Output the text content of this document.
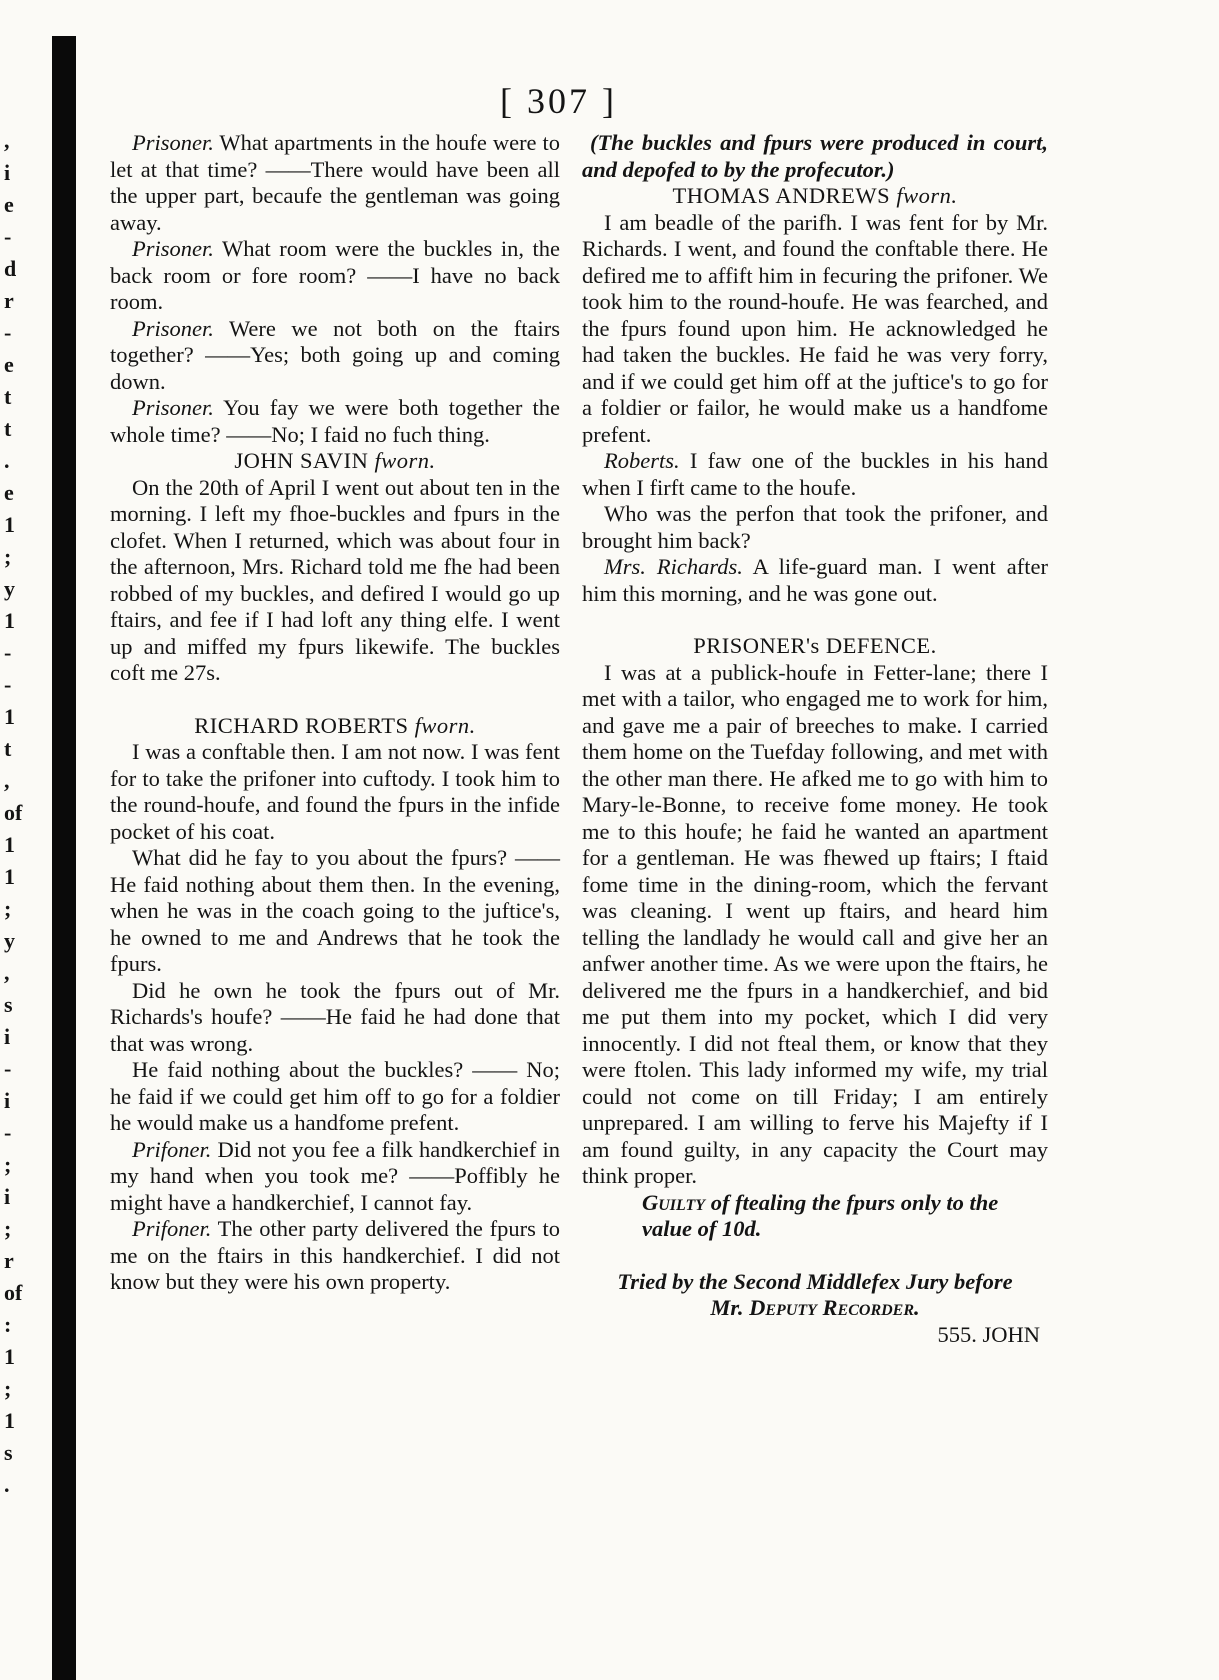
,
i
e
-
d
r
-
e
t
t
.
e
1
;
y
1
-
-
1
t
,
of
1
1
;
y
,
s
i
-
i
-
;
i
;
r
of
:
1
;
1
s
.
[ 307 ]

Prisoner. What apartments in the houfe were to let at that time? ——There would have been all the upper part, becaufe the gentleman was going away.

Prisoner. What room were the buckles in, the back room or fore room? ——I have no back room.

Prisoner. Were we not both on the ftairs together? ——Yes; both going up and coming down.

Prisoner. You fay we were both together the whole time? ——No; I faid no fuch thing.

JOHN SAVIN fworn.

On the 20th of April I went out about ten in the morning. I left my fhoe-buckles and fpurs in the clofet. When I returned, which was about four in the afternoon, Mrs. Richard told me fhe had been robbed of my buckles, and defired I would go up ftairs, and fee if I had loft any thing elfe. I went up and miffed my fpurs likewife. The buckles coft me 27s.

RICHARD ROBERTS fworn.

I was a conftable then. I am not now. I was fent for to take the prifoner into cuftody. I took him to the round-houfe, and found the fpurs in the infide pocket of his coat.

What did he fay to you about the fpurs? ——He faid nothing about them then. In the evening, when he was in the coach going to the juftice's, he owned to me and Andrews that he took the fpurs.

Did he own he took the fpurs out of Mr. Richards's houfe? ——He faid he had done that that was wrong.

He faid nothing about the buckles? —— No; he faid if we could get him off to go for a foldier he would make us a handfome prefent.

Prifoner. Did not you fee a filk handkerchief in my hand when you took me? ——Poffibly he might have a handkerchief, I cannot fay.

Prifoner. The other party delivered the fpurs to me on the ftairs in this handkerchief. I did not know but they were his own property.

(The buckles and fpurs were produced in court, and depofed to by the profecutor.)

THOMAS ANDREWS fworn.

I am beadle of the parifh. I was fent for by Mr. Richards. I went, and found the conftable there. He defired me to affift him in fecuring the prifoner. We took him to the round-houfe. He was fearched, and the fpurs found upon him. He acknowledged he had taken the buckles. He faid he was very forry, and if we could get him off at the juftice's to go for a foldier or failor, he would make us a handfome prefent.

Roberts. I faw one of the buckles in his hand when I firft came to the houfe.

Who was the perfon that took the prifoner, and brought him back?

Mrs. Richards. A life-guard man. I went after him this morning, and he was gone out.

PRISONER's DEFENCE.

I was at a publick-houfe in Fetter-lane; there I met with a tailor, who engaged me to work for him, and gave me a pair of breeches to make. I carried them home on the Tuefday following, and met with the other man there. He afked me to go with him to Mary-le-Bonne, to receive fome money. He took me to this houfe; he faid he wanted an apartment for a gentleman. He was fhewed up ftairs; I ftaid fome time in the dining-room, which the fervant was cleaning. I went up ftairs, and heard him telling the landlady he would call and give her an anfwer another time. As we were upon the ftairs, he delivered me the fpurs in a handkerchief, and bid me put them into my pocket, which I did very innocently. I did not fteal them, or know that they were ftolen. This lady informed my wife, my trial could not come on till Friday; I am entirely unprepared. I am willing to ferve his Majefty if I am found guilty, in any capacity the Court may think proper.

Guilty of ftealing the fpurs only to the value of 10d.

Tried by the Second Middlefex Jury before
Mr. Deputy Recorder.

555. JOHN
